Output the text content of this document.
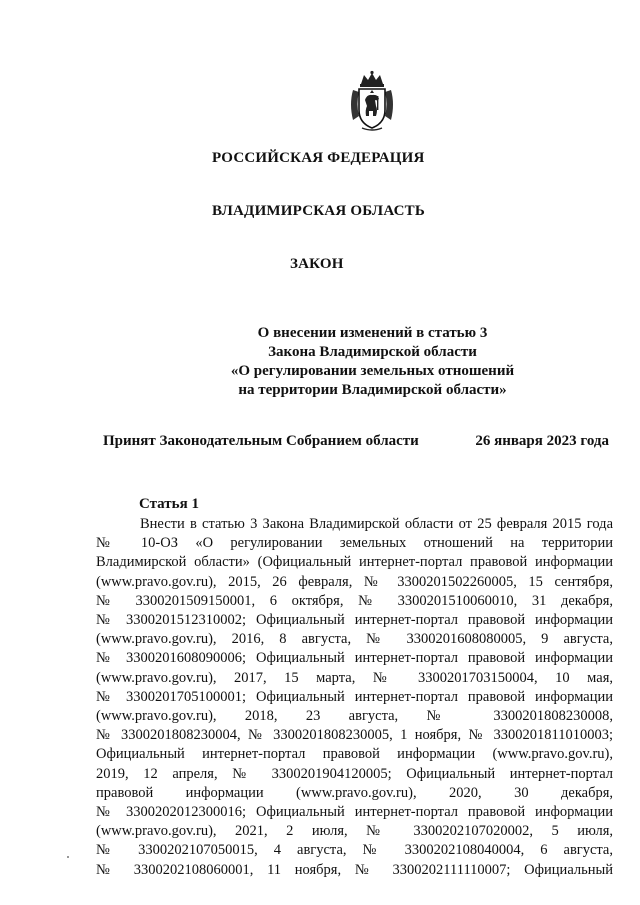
РОССИЙСКАЯ ФЕДЕРАЦИЯ
ВЛАДИМИРСКАЯ ОБЛАСТЬ
ЗАКОН
О внесении изменений в статью 3
Закона Владимирской области
«О регулировании земельных отношений
на территории Владимирской области»
Принят Законодательным Собранием области	26 января 2023 года
Статья 1
Внести в статью 3 Закона Владимирской области от 25 февраля 2015 года
№ 10-ОЗ «О регулировании земельных отношений на территории
Владимирской области» (Официальный интернет-портал правовой информации
(www.pravo.gov.ru), 2015, 26 февраля, № 3300201502260005, 15 сентября,
№ 3300201509150001, 6 октября, № 3300201510060010, 31 декабря,
№ 3300201512310002; Официальный интернет-портал правовой информации
(www.pravo.gov.ru), 2016, 8 августа, № 3300201608080005, 9 августа,
№ 3300201608090006; Официальный интернет-портал правовой информации
(www.pravo.gov.ru), 2017, 15 марта, № 3300201703150004, 10 мая,
№ 3300201705100001; Официальный интернет-портал правовой информации
(www.pravo.gov.ru), 2018, 23 августа, № 3300201808230008,
№ 3300201808230004, № 3300201808230005, 1 ноября, № 3300201811010003;
Официальный интернет-портал правовой информации (www.pravo.gov.ru),
2019, 12 апреля, № 3300201904120005; Официальный интернет-портал
правовой информации (www.pravo.gov.ru), 2020, 30 декабря,
№ 3300202012300016; Официальный интернет-портал правовой информации
(www.pravo.gov.ru), 2021, 2 июля, № 3300202107020002, 5 июля,
№ 3300202107050015, 4 августа, № 3300202108040004, 6 августа,
№ 3300202108060001, 11 ноября, № 3300202111110007; Официальный
